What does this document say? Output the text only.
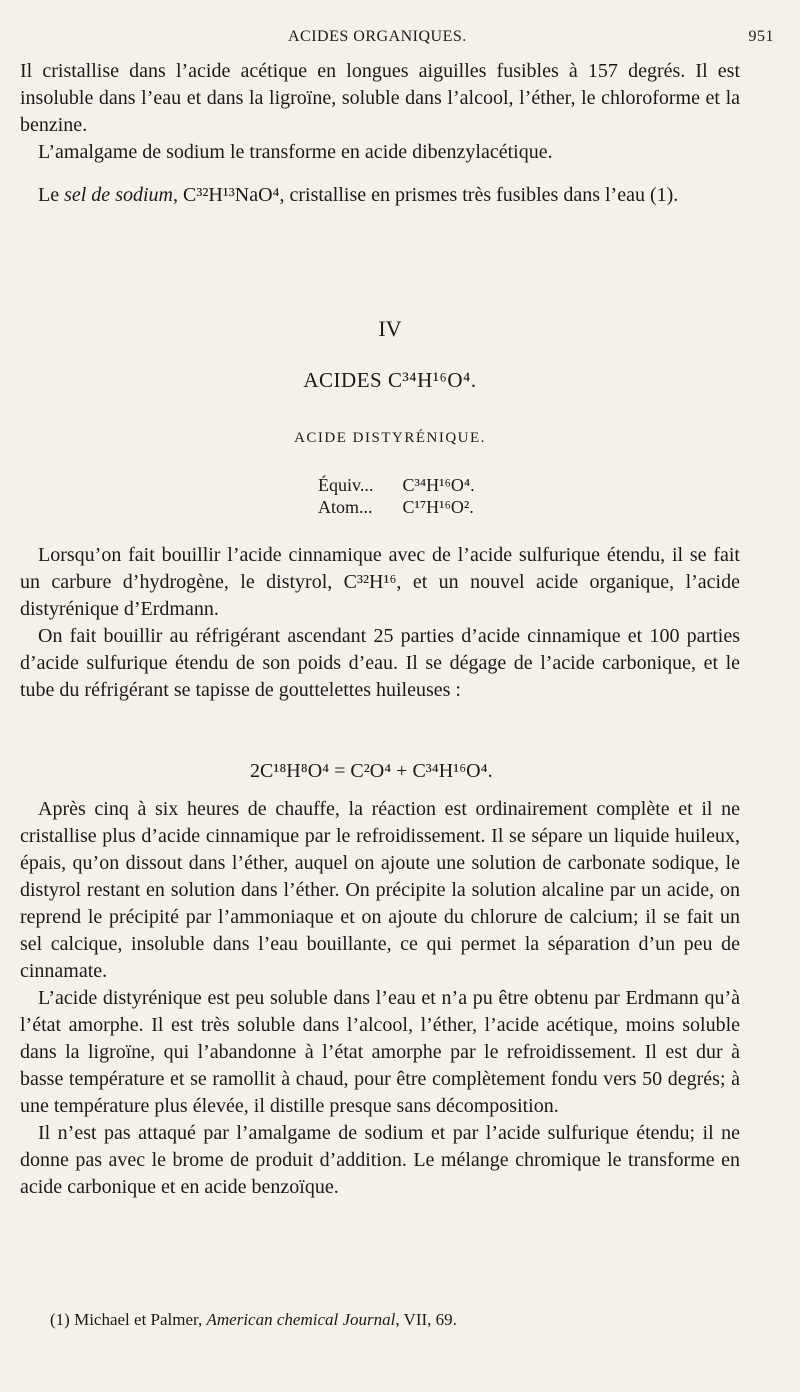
ACIDES ORGANIQUES.	951

Il cristallise dans l’acide acétique en longues aiguilles fusibles à 157 degrés. Il est insoluble dans l’eau et dans la ligroïne, soluble dans l’alcool, l’éther, le chloroforme et la benzine.

L’amalgame de sodium le transforme en acide dibenzylacétique.

Le sel de sodium, C³²H¹³NaO⁴, cristallise en prismes très fusibles dans l’eau (1).

IV
ACIDES C³⁴H¹⁶O⁴.
ACIDE DISTYRÉNIQUE.
Équiv... C³⁴H¹⁶O⁴.
Atom... C¹⁷H¹⁶O².

Lorsqu’on fait bouillir l’acide cinnamique avec de l’acide sulfurique étendu, il se fait un carbure d’hydrogène, le distyrol, C³²H¹⁶, et un nouvel acide organique, l’acide distyrénique d’Erdmann.

On fait bouillir au réfrigérant ascendant 25 parties d’acide cinnamique et 100 parties d’acide sulfurique étendu de son poids d’eau. Il se dégage de l’acide carbonique, et le tube du réfrigérant se tapisse de gouttelettes huileuses :

2C¹⁸H⁸O⁴ = C²O⁴ + C³⁴H¹⁶O⁴.

Après cinq à six heures de chauffe, la réaction est ordinairement complète et il ne cristallise plus d’acide cinnamique par le refroidissement. Il se sépare un liquide huileux, épais, qu’on dissout dans l’éther, auquel on ajoute une solution de carbonate sodique, le distyrol restant en solution dans l’éther. On précipite la solution alcaline par un acide, on reprend le précipité par l’ammoniaque et on ajoute du chlorure de calcium; il se fait un sel calcique, insoluble dans l’eau bouillante, ce qui permet la séparation d’un peu de cinnamate.

L’acide distyrénique est peu soluble dans l’eau et n’a pu être obtenu par Erdmann qu’à l’état amorphe. Il est très soluble dans l’alcool, l’éther, l’acide acétique, moins soluble dans la ligroïne, qui l’abandonne à l’état amorphe par le refroidissement. Il est dur à basse température et se ramollit à chaud, pour être complètement fondu vers 50 degrés; à une température plus élevée, il distille presque sans décomposition.

Il n’est pas attaqué par l’amalgame de sodium et par l’acide sulfurique étendu; il ne donne pas avec le brome de produit d’addition. Le mélange chromique le transforme en acide carbonique et en acide benzoïque.

(1) Michael et Palmer, American chemical Journal, VII, 69.
